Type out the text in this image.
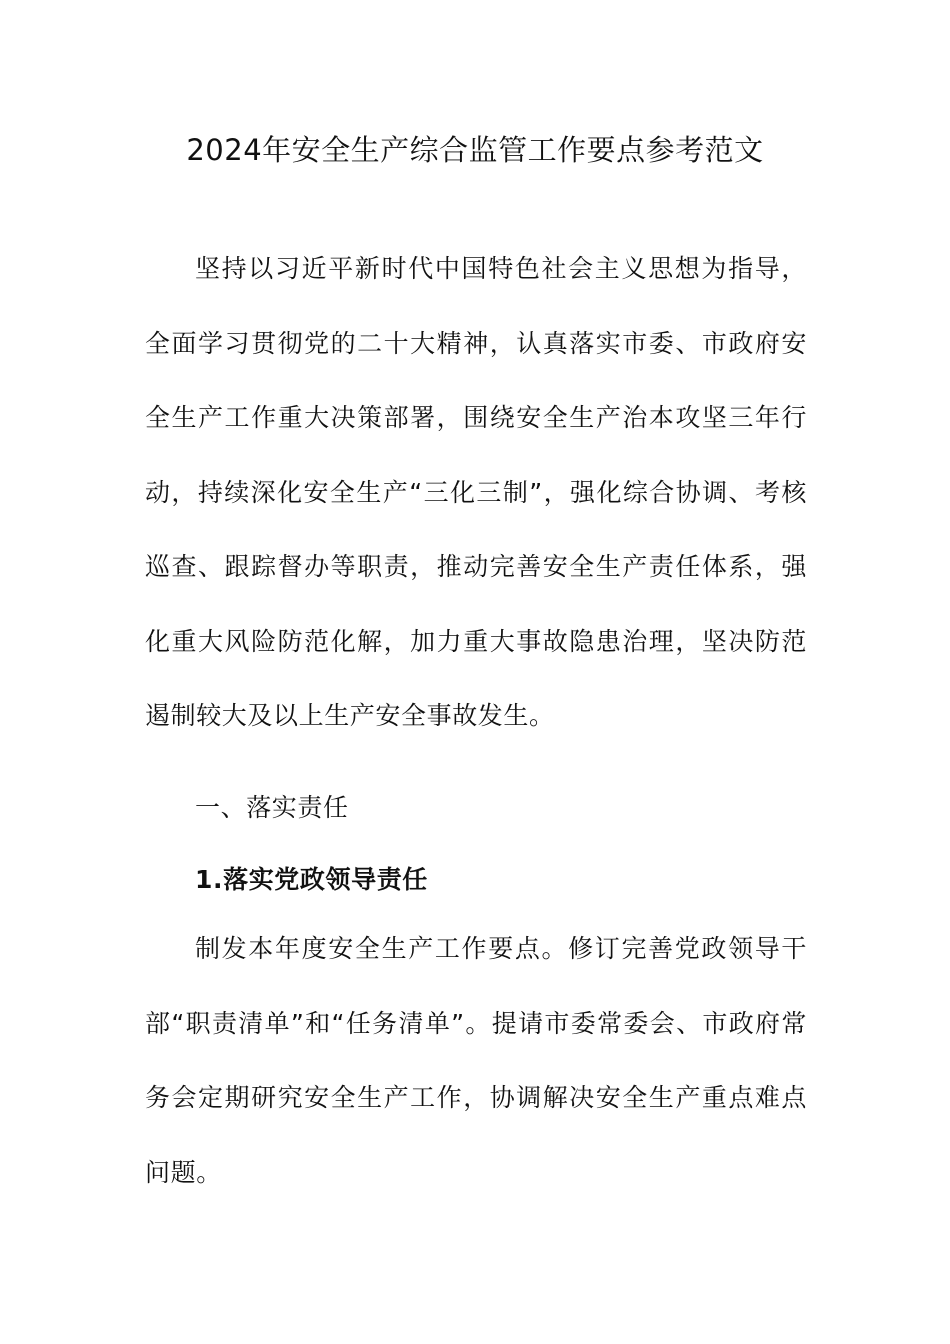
2024年安全生产综合监管工作要点参考范文

坚持以习近平新时代中国特色社会主义思想为指导，全面学习贯彻党的二十大精神，认真落实市委、市政府安全生产工作重大决策部署，围绕安全生产治本攻坚三年行动，持续深化安全生产“三化三制”，强化综合协调、考核巡查、跟踪督办等职责，推动完善安全生产责任体系，强化重大风险防范化解，加力重大事故隐患治理，坚决防范遏制较大及以上生产安全事故发生。

一、落实责任
1.落实党政领导责任

制发本年度安全生产工作要点。修订完善党政领导干部“职责清单”和“任务清单”。提请市委常委会、市政府常务会定期研究安全生产工作，协调解决安全生产重点难点问题。
